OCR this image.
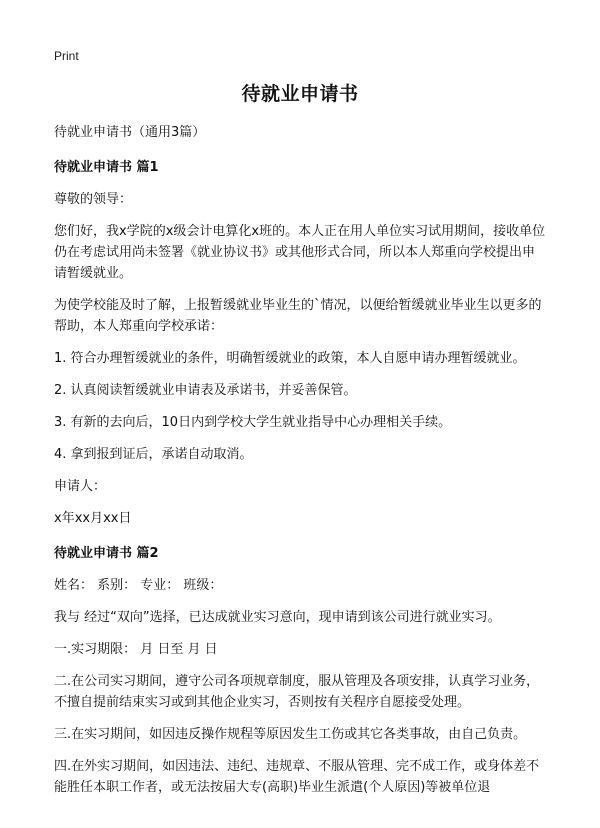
Print

待就业申请书

待就业申请书（通用3篇）

待就业申请书 篇1

尊敬的领导：

您们好，我x学院的x级会计电算化x班的。本人正在用人单位实习试用期间，接收单位仍在考虑试用尚未签署《就业协议书》或其他形式合同，所以本人郑重向学校提出申请暂缓就业。

为使学校能及时了解，上报暂缓就业毕业生的`情况，以便给暂缓就业毕业生以更多的帮助，本人郑重向学校承诺：

1. 符合办理暂缓就业的条件，明确暂缓就业的政策，本人自愿申请办理暂缓就业。

2. 认真阅读暂缓就业申请表及承诺书，并妥善保管。

3. 有新的去向后，10日内到学校大学生就业指导中心办理相关手续。

4. 拿到报到证后，承诺自动取消。

申请人：

x年xx月xx日

待就业申请书 篇2

姓名： 系别： 专业： 班级：

我与 经过“双向”选择，已达成就业实习意向，现申请到该公司进行就业实习。

一.实习期限： 月 日至 月 日

二.在公司实习期间，遵守公司各项规章制度，服从管理及各项安排，认真学习业务，不擅自提前结束实习或到其他企业实习，否则按有关程序自愿接受处理。

三.在实习期间，如因违反操作规程等原因发生工伤或其它各类事故，由自己负责。

四.在外实习期间，如因违法、违纪、违规章、不服从管理、完不成工作，或身体差不能胜任本职工作者，或无法按届大专(高职)毕业生派遣(个人原因)等被单位退
